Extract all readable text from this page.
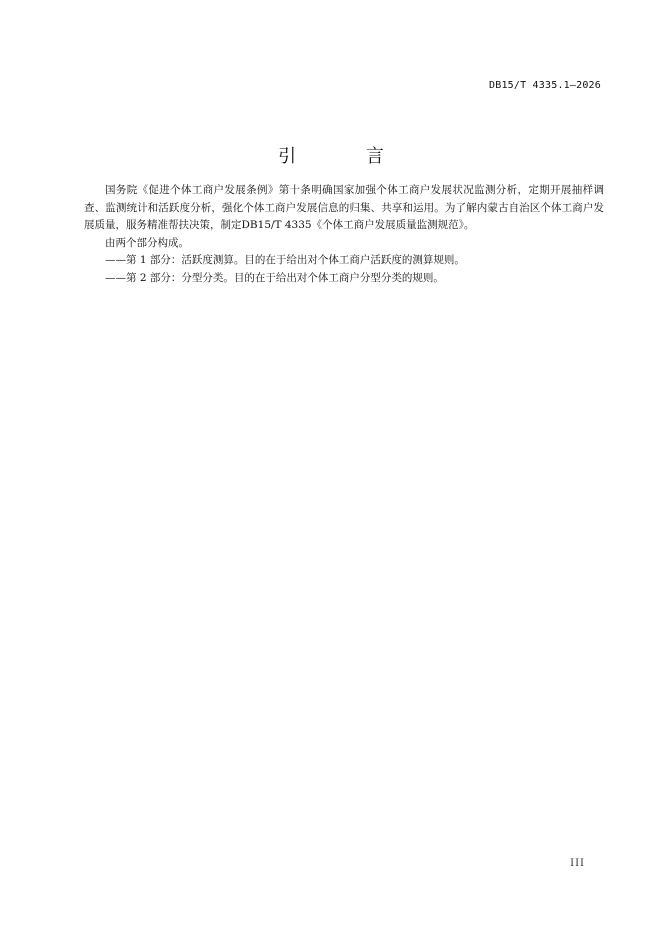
DB15/T 4335.1—2026
引 言

国务院《促进个体工商户发展条例》第十条明确国家加强个体工商户发展状况监测分析，定期开展抽样调查、监测统计和活跃度分析，强化个体工商户发展信息的归集、共享和运用。为了解内蒙古自治区个体工商户发展质量，服务精准帮扶决策，制定DB15/T 4335《个体工商户发展质量监测规范》。

由两个部分构成。

——第 1 部分：活跃度测算。目的在于给出对个体工商户活跃度的测算规则。

——第 2 部分：分型分类。目的在于给出对个体工商户分型分类的规则。

III
